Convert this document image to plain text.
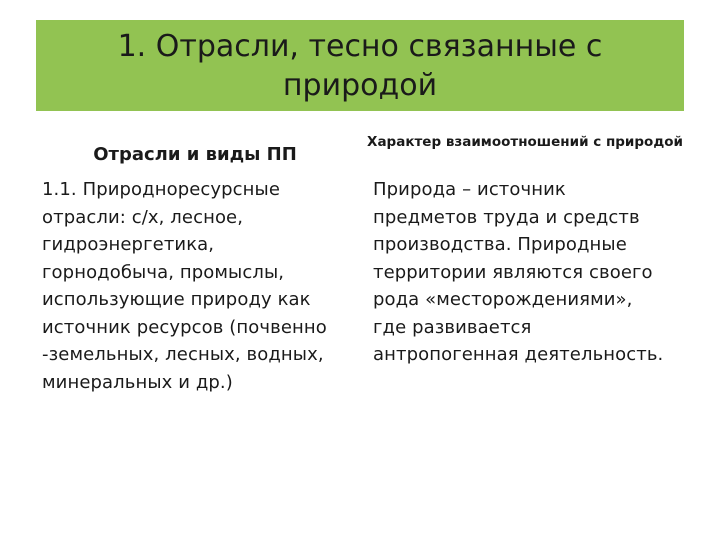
1. Отрасли, тесно связанные с природой
Отрасли и виды ПП
Характер взаимоотношений с природой
1.1. Природноресурсные
отрасли: с/х, лесное,
гидроэнергетика,
горнодобыча, промыслы,
использующие природу как
источник ресурсов (почвенно
-земельных, лесных, водных,
минеральных и др.)
Природа – источник
предметов труда и средств
производства. Природные
территории являются своего
рода «месторождениями»,
где развивается
антропогенная деятельность.
